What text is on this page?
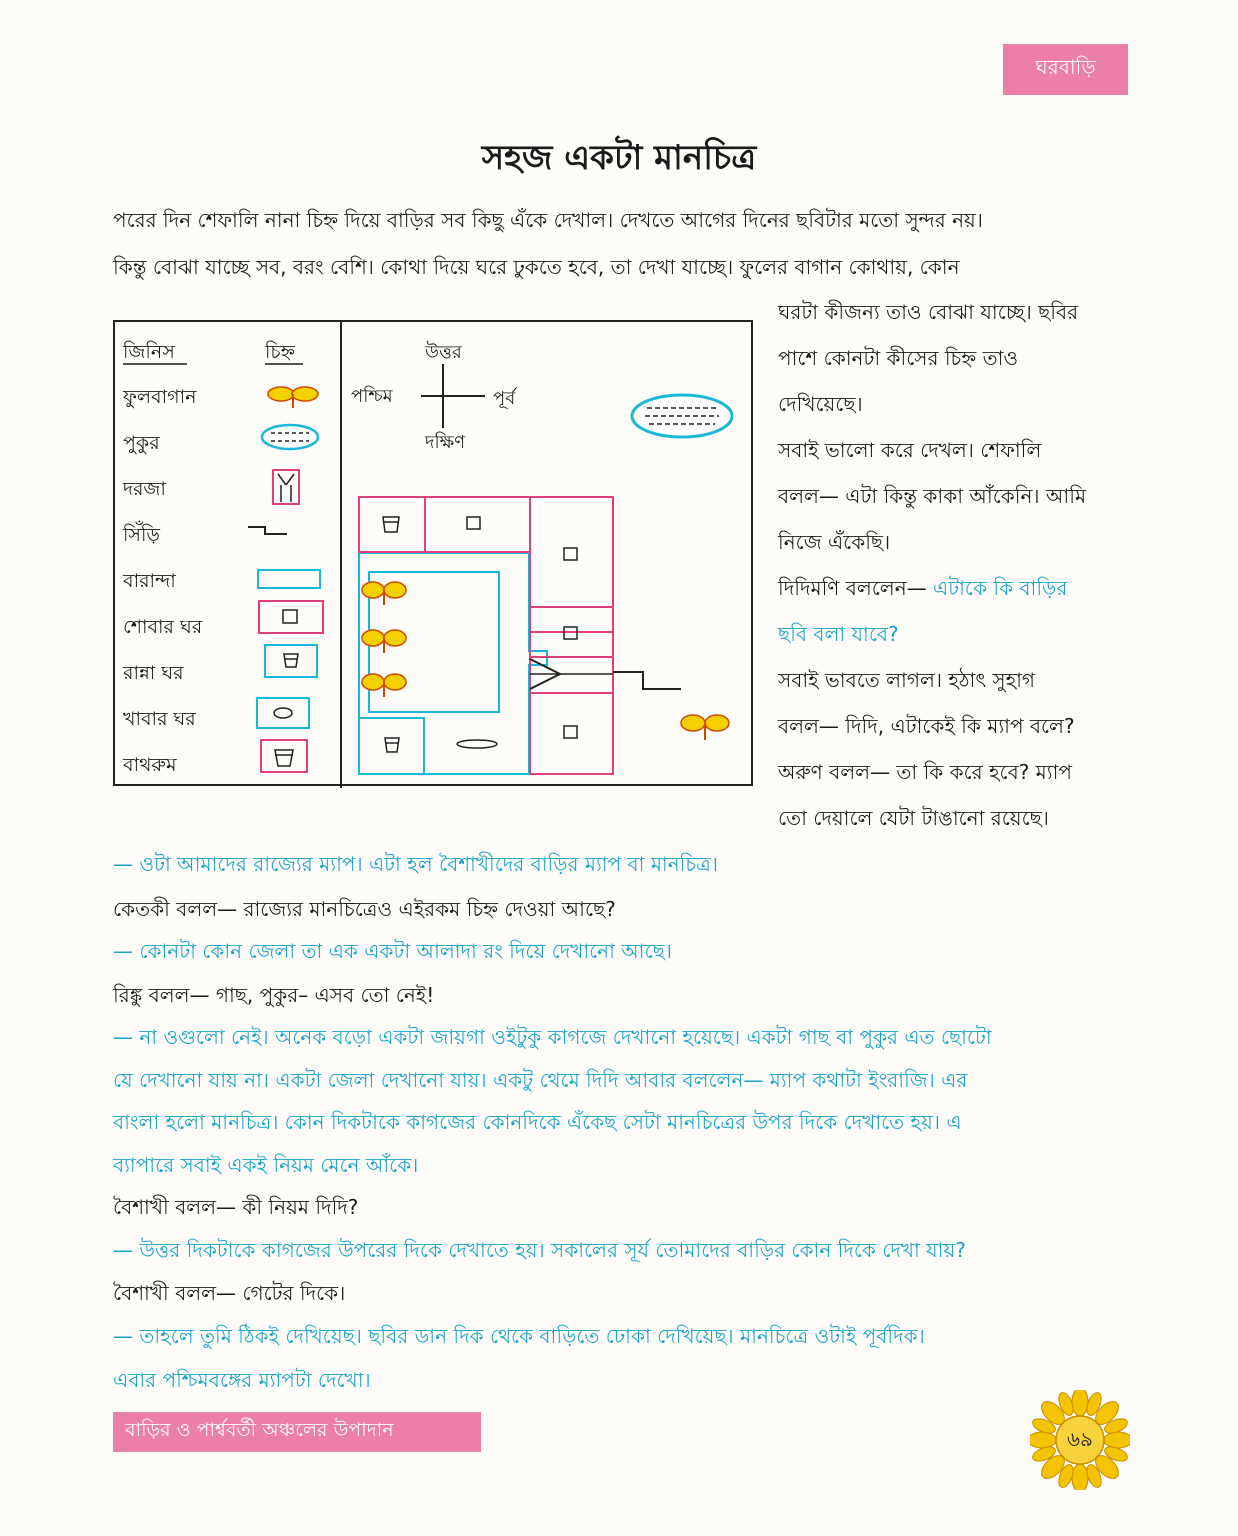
ঘরবাড়ি
সহজ একটা মানচিত্র
পরের দিন শেফালি নানা চিহ্ন দিয়ে বাড়ির সব কিছু এঁকে দেখাল। দেখতে আগের দিনের ছবিটার মতো সুন্দর নয়।
কিন্তু বোঝা যাচ্ছে সব, বরং বেশি। কোথা দিয়ে ঘরে ঢুকতে হবে, তা দেখা যাচ্ছে। ফুলের বাগান কোথায়, কোন
ঘরটা কীজন্য তাও বোঝা যাচ্ছে। ছবির
পাশে কোনটা কীসের চিহ্ন তাও
দেখিয়েছে।
সবাই ভালো করে দেখল। শেফালি
বলল— এটা কিন্তু কাকা আঁকেনি। আমি
নিজে এঁকেছি।
দিদিমণি বললেন— এটাকে কি বাড়ির
ছবি বলা যাবে?
সবাই ভাবতে লাগল। হঠাৎ সুহাগ
বলল— দিদি, এটাকেই কি ম্যাপ বলে?
অরুণ বলল— তা কি করে হবে? ম্যাপ
তো দেয়ালে যেটা টাঙানো রয়েছে।
জিনিস	চিহ্ন
ফুলবাগান
পুকুর
দরজা
সিঁড়ি
বারান্দা
শোবার ঘর
রান্না ঘর
খাবার ঘর
বাথরুম
উত্তর
পশ্চিম	পূর্ব
দক্ষিণ
— ওটা আমাদের রাজ্যের ম্যাপ। এটা হল বৈশাখীদের বাড়ির ম্যাপ বা মানচিত্র।
কেতকী বলল— রাজ্যের মানচিত্রেও এইরকম চিহ্ন দেওয়া আছে?
— কোনটা কোন জেলা তা এক একটা আলাদা রং দিয়ে দেখানো আছে।
রিঙ্কু বলল— গাছ, পুকুর– এসব তো নেই!
— না ওগুলো নেই। অনেক বড়ো একটা জায়গা ওইটুকু কাগজে দেখানো হয়েছে। একটা গাছ বা পুকুর এত ছোটো
যে দেখানো যায় না। একটা জেলা দেখানো যায়। একটু থেমে দিদি আবার বললেন— ম্যাপ কথাটা ইংরাজি। এর
বাংলা হলো মানচিত্র। কোন দিকটাকে কাগজের কোনদিকে এঁকেছ সেটা মানচিত্রের উপর দিকে দেখাতে হয়। এ
ব্যাপারে সবাই একই নিয়ম মেনে আঁকে।
বৈশাখী বলল— কী নিয়ম দিদি?
— উত্তর দিকটাকে কাগজের উপরের দিকে দেখাতে হয়। সকালের সূর্য তোমাদের বাড়ির কোন দিকে দেখা যায়?
বৈশাখী বলল— গেটের দিকে।
— তাহলে তুমি ঠিকই দেখিয়েছ। ছবির ডান দিক থেকে বাড়িতে ঢোকা দেখিয়েছ। মানচিত্রে ওটাই পূর্বদিক।
এবার পশ্চিমবঙ্গের ম্যাপটা দেখো।
বাড়ির ও পার্শ্ববর্তী অঞ্চলের উপাদান	৬৯
